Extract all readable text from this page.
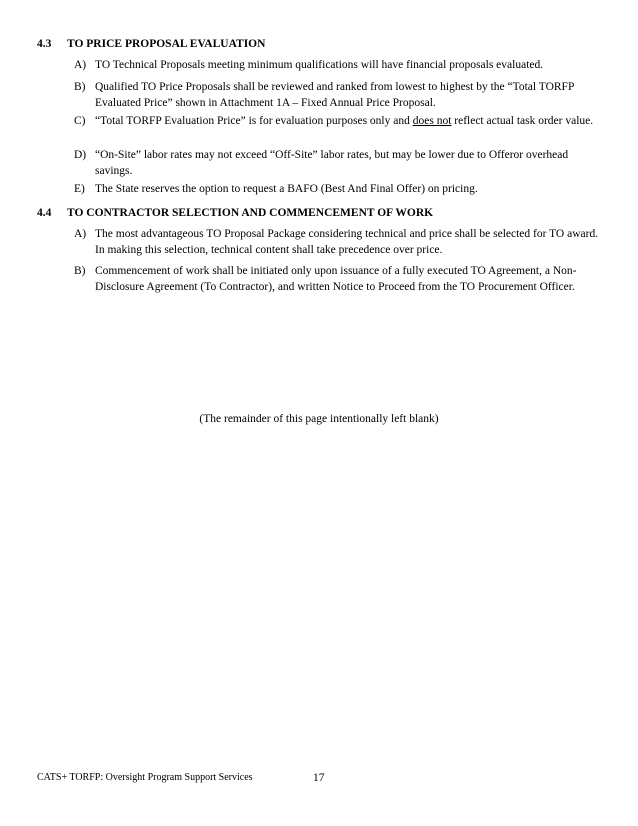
4.3 TO PRICE PROPOSAL EVALUATION
A) TO Technical Proposals meeting minimum qualifications will have financial proposals evaluated.
B) Qualified TO Price Proposals shall be reviewed and ranked from lowest to highest by the “Total TORFP Evaluated Price” shown in Attachment 1A – Fixed Annual Price Proposal.
C) “Total TORFP Evaluation Price” is for evaluation purposes only and does not reflect actual task order value.
D) “On-Site” labor rates may not exceed “Off-Site” labor rates, but may be lower due to Offeror overhead savings.
E) The State reserves the option to request a BAFO (Best And Final Offer) on pricing.
4.4 TO CONTRACTOR SELECTION AND COMMENCEMENT OF WORK
A) The most advantageous TO Proposal Package considering technical and price shall be selected for TO award. In making this selection, technical content shall take precedence over price.
B) Commencement of work shall be initiated only upon issuance of a fully executed TO Agreement, a Non-Disclosure Agreement (To Contractor), and written Notice to Proceed from the TO Procurement Officer.
(The remainder of this page intentionally left blank)
CATS+ TORFP: Oversight Program Support Services	17
